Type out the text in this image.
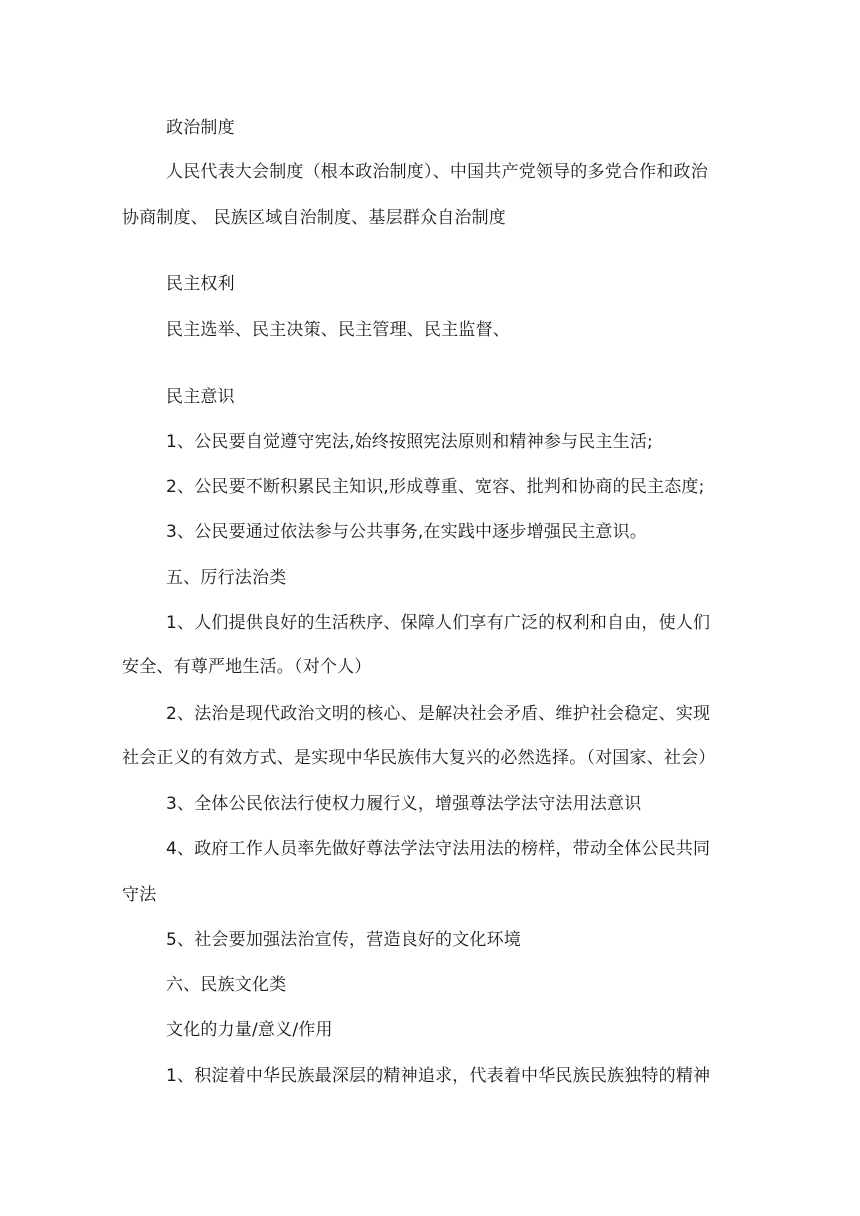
政治制度
人民代表大会制度（根本政治制度）、中国共产党领导的多党合作和政治
协商制度、 民族区域自治制度、基层群众自治制度
民主权利
民主选举、民主决策、民主管理、民主监督、
民主意识
1、公民要自觉遵守宪法,始终按照宪法原则和精神参与民主生活;
2、公民要不断积累民主知识,形成尊重、宽容、批判和协商的民主态度;
3、公民要通过依法参与公共事务,在实践中逐步增强民主意识。
五、厉行法治类
1、人们提供良好的生活秩序、保障人们享有广泛的权利和自由，使人们
安全、有尊严地生活。（对个人）
2、法治是现代政治文明的核心、是解决社会矛盾、维护社会稳定、实现
社会正义的有效方式、是实现中华民族伟大复兴的必然选择。（对国家、社会）
3、全体公民依法行使权力履行义，增强尊法学法守法用法意识
4、政府工作人员率先做好尊法学法守法用法的榜样，带动全体公民共同
守法
5、社会要加强法治宣传，营造良好的文化环境
六、民族文化类
文化的力量/意义/作用
1、积淀着中华民族最深层的精神追求，代表着中华民族民族独特的精神
